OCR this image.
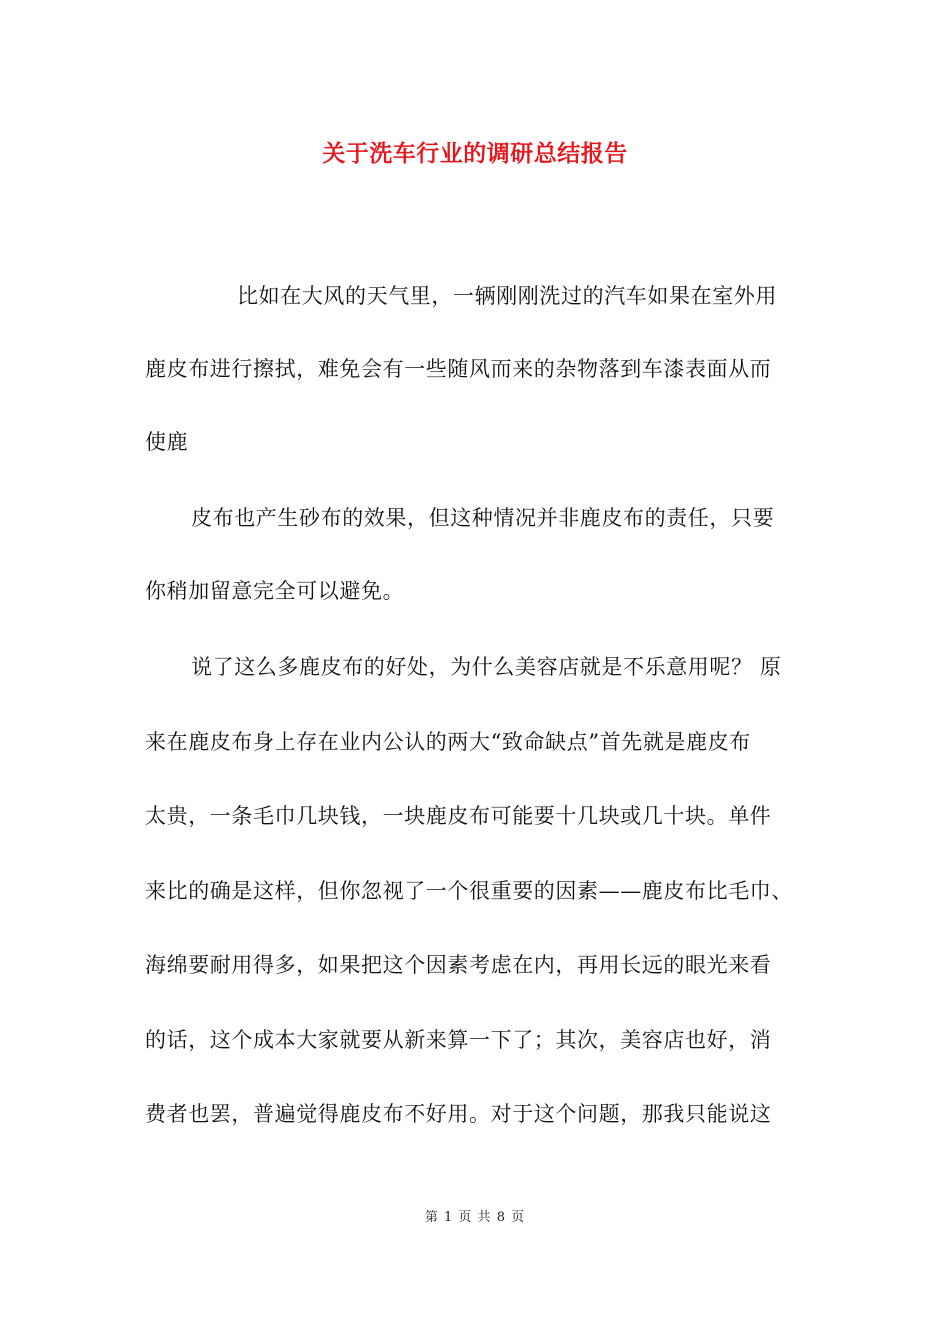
关于洗车行业的调研总结报告
比如在大风的天气里，一辆刚刚洗过的汽车如果在室外用
鹿皮布进行擦拭，难免会有一些随风而来的杂物落到车漆表面从而
使鹿
皮布也产生砂布的效果，但这种情况并非鹿皮布的责任，只要
你稍加留意完全可以避免。
说了这么多鹿皮布的好处，为什么美容店就是不乐意用呢？ 原
来在鹿皮布身上存在业内公认的两大“致命缺点”首先就是鹿皮布
太贵，一条毛巾几块钱，一块鹿皮布可能要十几块或几十块。单件
来比的确是这样，但你忽视了一个很重要的因素——鹿皮布比毛巾、
海绵要耐用得多，如果把这个因素考虑在内，再用长远的眼光来看
的话，这个成本大家就要从新来算一下了；其次，美容店也好，消
费者也罢，普遍觉得鹿皮布不好用。对于这个问题，那我只能说这
第 1 页 共 8 页
